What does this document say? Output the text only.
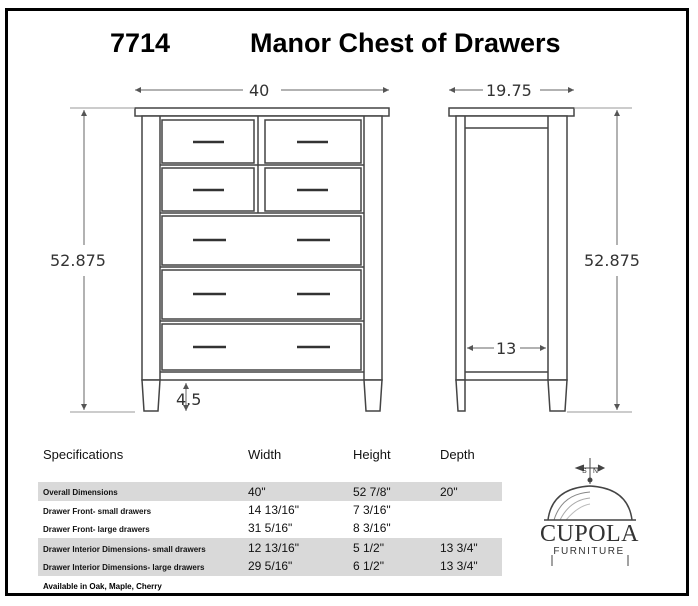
7714	Manor Chest of Drawers
40
52.875
4.5
19.75
52.875
13
Specifications	Width	Height	Depth
Overall Dimensions	40"	52 7/8"	20"
Drawer Front- small drawers	14 13/16"	7 3/16"
Drawer Front- large drawers	31 5/16"	8 3/16"
Drawer Interior Dimensions- small drawers	12 13/16"	5 1/2"	13 3/4"
Drawer Interior Dimensions- large drawers	29 5/16"	6 1/2"	13 3/4"
Available in Oak, Maple, Cherry
S N
CUPOLA
FURNITURE
